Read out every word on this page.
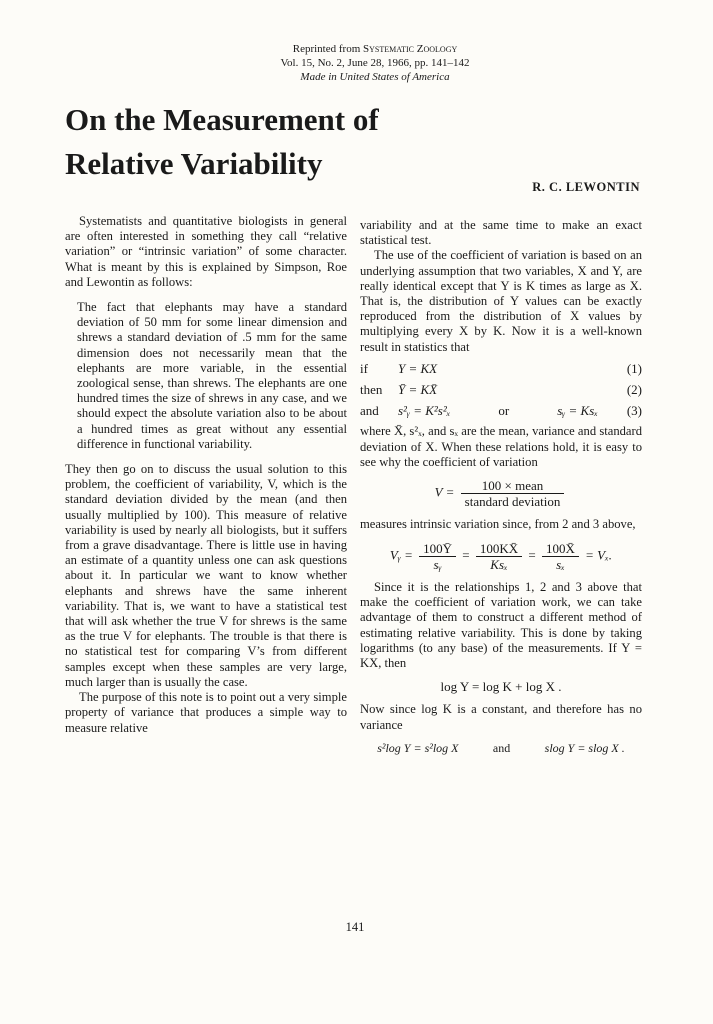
Reprinted from Systematic Zoology
Vol. 15, No. 2, June 28, 1966, pp. 141–142
Made in United States of America
On the Measurement of
Relative Variability
R. C. LEWONTIN

Systematists and quantitative biologists in general are often interested in something they call “relative variation” or “intrinsic variation” of some character. What is meant by this is explained by Simpson, Roe and Lewontin as follows:

The fact that elephants may have a standard deviation of 50 mm for some linear dimension and shrews a standard deviation of .5 mm for the same dimension does not necessarily mean that the elephants are more variable, in the essential zoological sense, than shrews. The elephants are one hundred times the size of shrews in any case, and we should expect the absolute variation also to be about a hundred times as great without any essential difference in functional variability.

They then go on to discuss the usual solution to this problem, the coefficient of variability, V, which is the standard deviation divided by the mean (and then usually multiplied by 100). This measure of relative variability is used by nearly all biologists, but it suffers from a grave disadvantage. There is little use in having an estimate of a quantity unless one can ask questions about it. In particular we want to know whether elephants and shrews have the same inherent variability. That is, we want to have a statistical test that will ask whether the true V for shrews is the same as the true V for elephants. The trouble is that there is no statistical test for comparing V’s from different samples except when these samples are very large, much larger than is usually the case.

The purpose of this note is to point out a very simple property of variance that produces a simple way to measure relative

variability and at the same time to make an exact statistical test.

The use of the coefficient of variation is based on an underlying assumption that two variables, X and Y, are really identical except that Y is K times as large as X. That is, the distribution of Y values can be exactly reproduced from the distribution of X values by multiplying every X by K. Now it is a well-known result in statistics that

if	Y = KX	(1)
then	Ȳ = KX̄	(2)
and	s²ᵧ = K²s²ₓ	or	sᵧ = Ksₓ	(3)

where X̄, s²ₓ, and sₓ are the mean, variance and standard deviation of X. When these relations hold, it is easy to see why the coefficient of variation

$V = \frac{\text{100 × mean}}{\text{standard deviation}}$

measures intrinsic variation since, from 2 and 3 above,

Vᵧ = $\frac{100Ȳ}{\text{sᵧ}} = \frac{100KX̄}{\text{Ksₓ}} = \frac{100X̄}{\text{sₓ}} = V_x$.

Since it is the relationships 1, 2 and 3 above that make the coefficient of variation work, we can take advantage of them to construct a different method of estimating relative variability. This is done by taking logarithms (to any base) of the measurements. If Y = KX, then

log Y = log K + log X .

Now since log K is a constant, and therefore has no variance

s²log Y = s²log X	and	slog Y = slog X .
141
